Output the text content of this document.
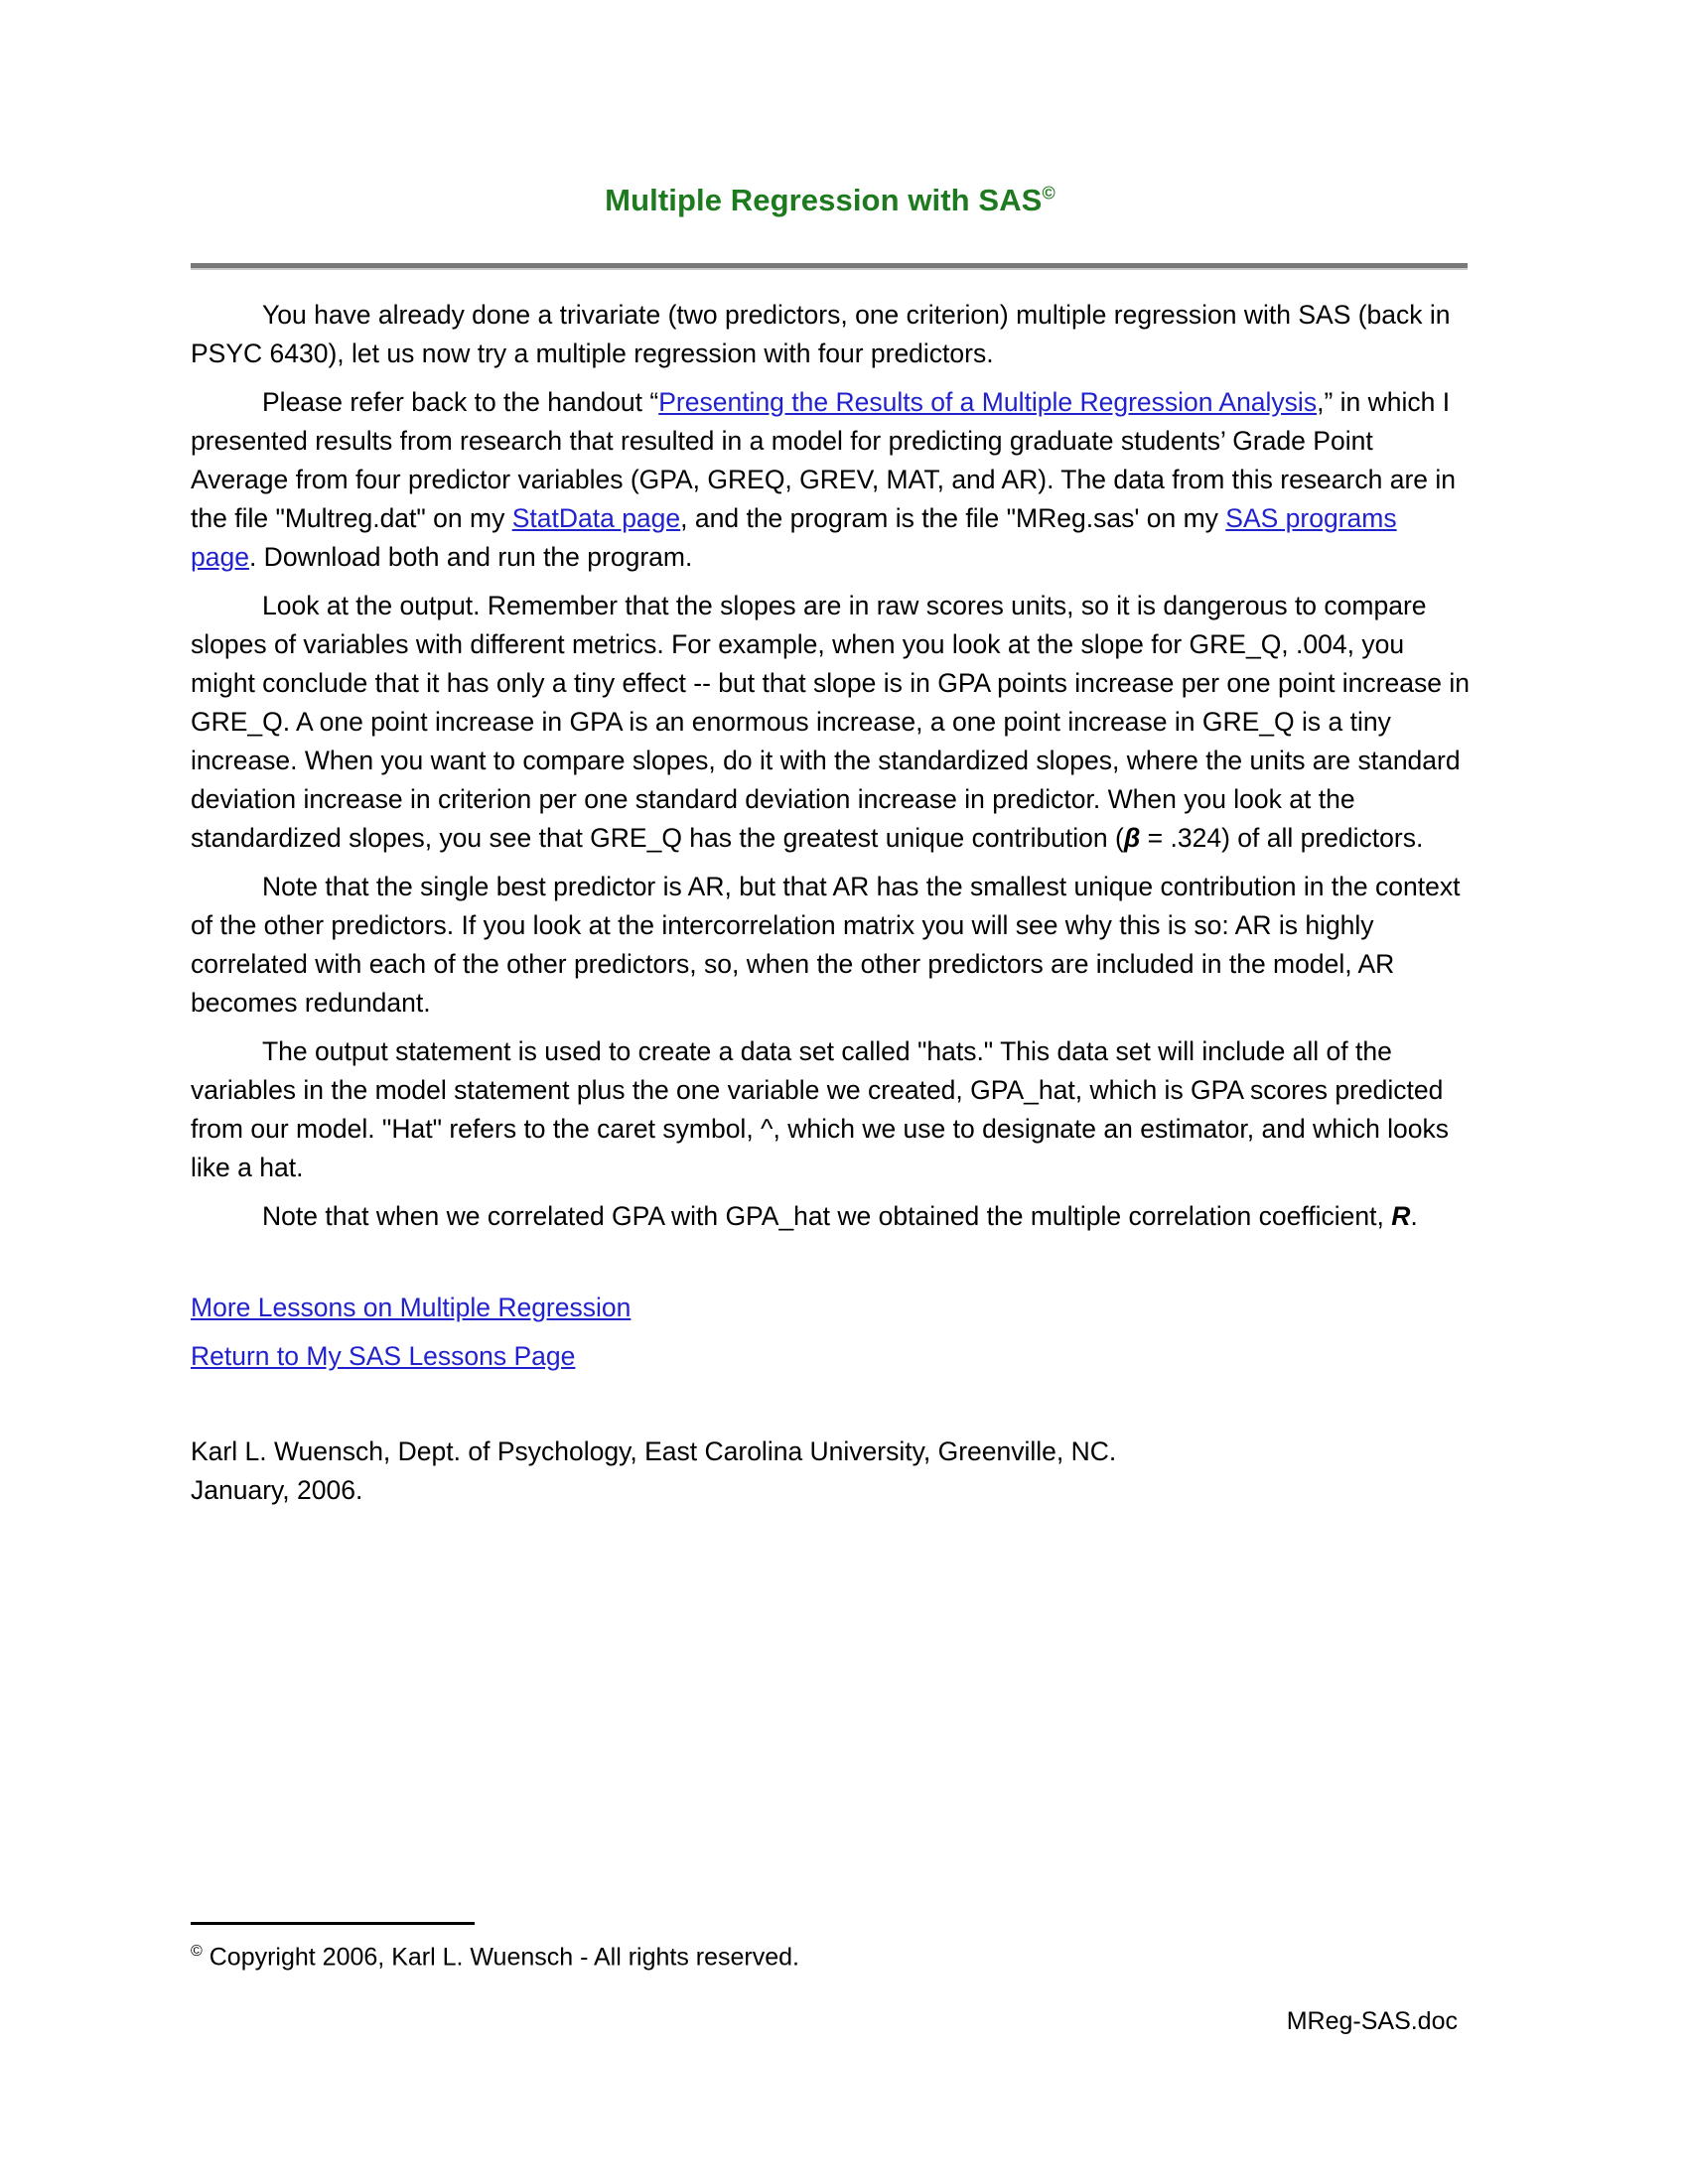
Multiple Regression with SAS©

You have already done a trivariate (two predictors, one criterion) multiple regression with SAS (back in PSYC 6430), let us now try a multiple regression with four predictors.

Please refer back to the handout “Presenting the Results of a Multiple Regression Analysis,” in which I presented results from research that resulted in a model for predicting graduate students’ Grade Point Average from four predictor variables (GPA, GREQ, GREV, MAT, and AR). The data from this research are in the file "Multreg.dat" on my StatData page, and the program is the file "MReg.sas' on my SAS programs page. Download both and run the program.

Look at the output. Remember that the slopes are in raw scores units, so it is dangerous to compare slopes of variables with different metrics. For example, when you look at the slope for GRE_Q, .004, you might conclude that it has only a tiny effect -- but that slope is in GPA points increase per one point increase in GRE_Q. A one point increase in GPA is an enormous increase, a one point increase in GRE_Q is a tiny increase. When you want to compare slopes, do it with the standardized slopes, where the units are standard deviation increase in criterion per one standard deviation increase in predictor. When you look at the standardized slopes, you see that GRE_Q has the greatest unique contribution (β = .324) of all predictors.

Note that the single best predictor is AR, but that AR has the smallest unique contribution in the context of the other predictors. If you look at the intercorrelation matrix you will see why this is so: AR is highly correlated with each of the other predictors, so, when the other predictors are included in the model, AR becomes redundant.

The output statement is used to create a data set called "hats." This data set will include all of the variables in the model statement plus the one variable we created, GPA_hat, which is GPA scores predicted from our model. "Hat" refers to the caret symbol, ^, which we use to designate an estimator, and which looks like a hat.

Note that when we correlated GPA with GPA_hat we obtained the multiple correlation coefficient, R.

More Lessons on Multiple Regression
Return to My SAS Lessons Page
Karl L. Wuensch, Dept. of Psychology, East Carolina University, Greenville, NC.
January, 2006.
© Copyright 2006, Karl L. Wuensch - All rights reserved.
MReg-SAS.doc
